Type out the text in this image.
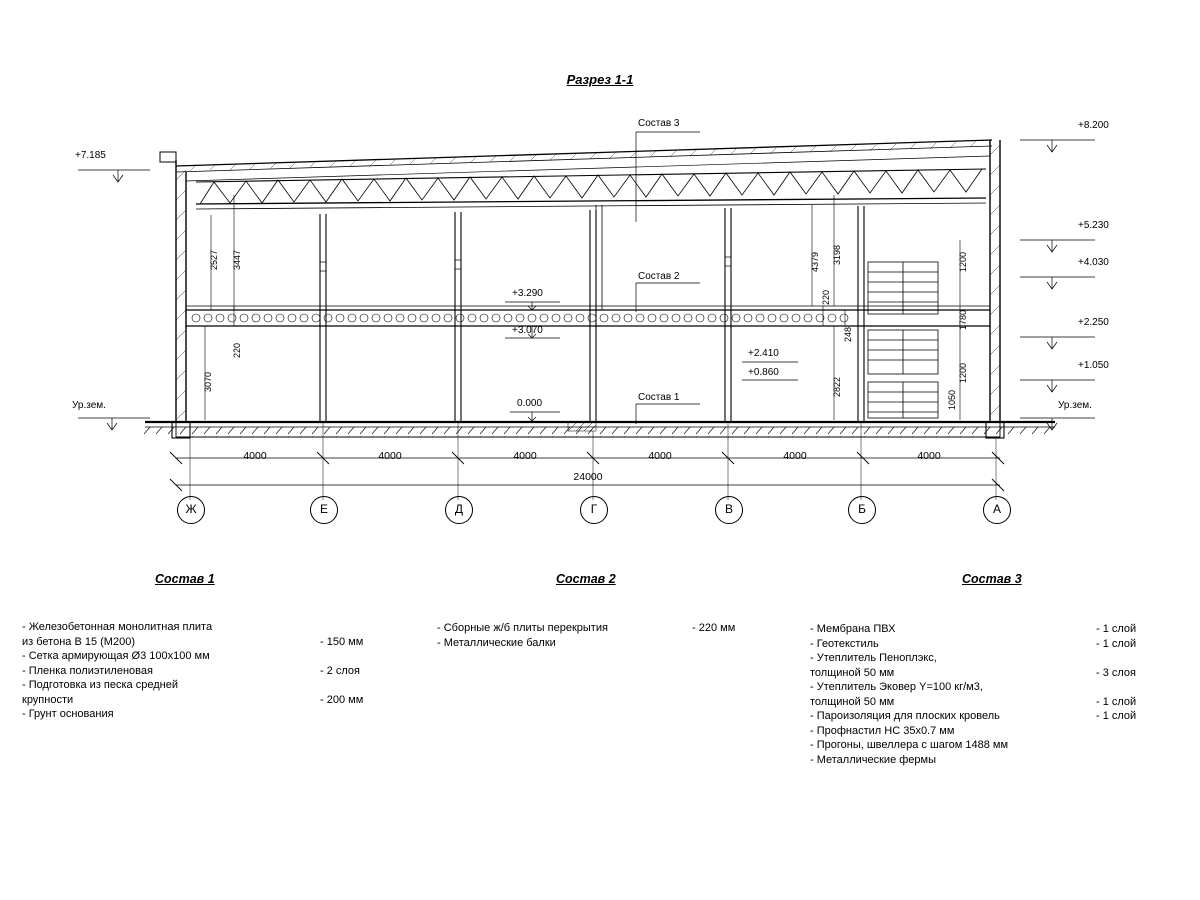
Разрез 1-1
Состав 3
Состав 2
Состав 1
+8.200
+5.230
+4.030
+2.250
+1.050
Ур.зем.
+7.185
Ур.зем.
+3.290
+3.070
0.000
+2.410
+0.860
2527 3447
3070
220
4379 3198
220
248
2822
1200
1780
1200
1050
4000	4000	4000	4000	4000	4000
24000
Ж	Е	Д	Г	В	Б	А
Состав 1
- Железобетонная монолитная плита
из бетона В 15 (М200)	- 150 мм
- Сетка армирующая Ø3 100х100 мм
- Пленка полиэтиленовая	- 2 слоя
- Подготовка из песка средней
крупности	- 200 мм
- Грунт основания
Состав 2
- Сборные ж/б плиты перекрытия	- 220 мм
- Металлические балки
Состав 3
- Мембрана ПВХ	- 1 слой
- Геотекстиль	- 1 слой
- Утеплитель Пеноплэкс,
толщиной 50 мм	- 3 слоя
- Утеплитель Эковер Y=100 кг/м3,
толщиной 50 мм	- 1 слой
- Пароизоляция для плоских кровель	- 1 слой
- Профнастил НС 35х0.7 мм
- Прогоны, швеллера с шагом 1488 мм
- Металлические фермы
